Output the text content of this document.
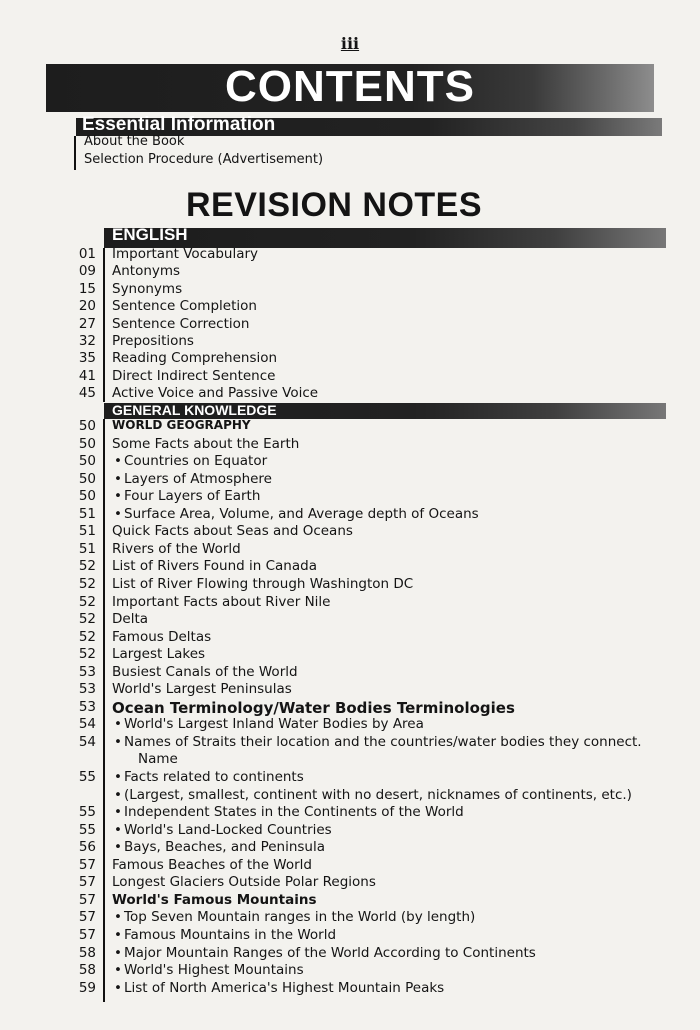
iii
CONTENTS
Essential Information
About the Book
Selection Procedure (Advertisement)
REVISION NOTES
ENGLISH
01 Important Vocabulary
09 Antonyms
15 Synonyms
20 Sentence Completion
27 Sentence Correction
32 Prepositions
35 Reading Comprehension
41 Direct Indirect Sentence
45 Active Voice and Passive Voice
GENERAL KNOWLEDGE
50 WORLD GEOGRAPHY
50 Some Facts about the Earth
50 • Countries on Equator
50 • Layers of Atmosphere
50 • Four Layers of Earth
51 • Surface Area, Volume, and Average depth of Oceans
51 Quick Facts about Seas and Oceans
51 Rivers of the World
52 List of Rivers Found in Canada
52 List of River Flowing through Washington DC
52 Important Facts about River Nile
52 Delta
52 Famous Deltas
52 Largest Lakes
53 Busiest Canals of the World
53 World's Largest Peninsulas
53 Ocean Terminology/Water Bodies Terminologies
54 • World's Largest Inland Water Bodies by Area
54 • Names of Straits their location and the countries/water bodies they connect.
Name
55 • Facts related to continents
• (Largest, smallest, continent with no desert, nicknames of continents, etc.)
55 • Independent States in the Continents of the World
55 • World's Land-Locked Countries
56 • Bays, Beaches, and Peninsula
57 Famous Beaches of the World
57 Longest Glaciers Outside Polar Regions
57 World's Famous Mountains
57 • Top Seven Mountain ranges in the World (by length)
57 • Famous Mountains in the World
58 • Major Mountain Ranges of the World According to Continents
58 • World's Highest Mountains
59 • List of North America's Highest Mountain Peaks
